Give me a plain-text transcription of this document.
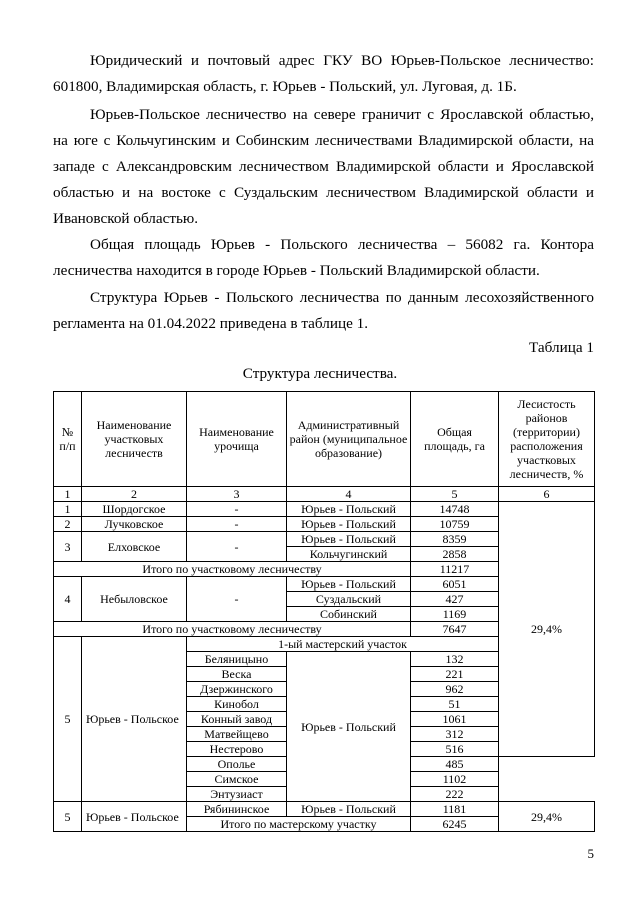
Юридический и почтовый адрес ГКУ ВО Юрьев-Польское лесничество: 601800, Владимирская область, г. Юрьев - Польский, ул. Луговая, д. 1Б.

Юрьев-Польское лесничество на севере граничит с Ярославской областью, на юге с Кольчугинским и Собинским лесничествами Владимирской области, на западе с Александровским лесничеством Владимирской области и Ярославской областью и на востоке с Суздальским лесничеством Владимирской области и Ивановской областью.

Общая площадь Юрьев - Польского лесничества – 56082 га. Контора лесничества находится в городе Юрьев - Польский Владимирской области.

Структура Юрьев - Польского лесничества по данным лесохозяйственного регламента на 01.04.2022 приведена в таблице 1.

Таблица 1
Структура лесничества.
№ п/п	Наименование участковых лесничеств	Наименование урочища	Административный район (муниципальное образование)	Общая площадь, га	Лесистость районов (территории) расположения участковых лесничеств, %
1	2	3	4	5	6
1	Шордогское	-	Юрьев - Польский	14748	29,4%
2	Лучковское	-	Юрьев - Польский	10759	
3	Елховское	-	Юрьев - Польский	8359	
			Кольчугинский	2858	
Итого по участковому лесничеству				11217	
4	Небыловское	-	Юрьев - Польский	6051	
			Суздальский	427	
			Собинский	1169	
Итого по участковому лесничеству				7647	
5	Юрьев - Польское	1-ый мастерский участок			
		Беляницыно	Юрьев - Польский	132	
		Веска		221	
		Дзержинского		962	
		Кинобол		51	
		Конный завод		1061	
		Матвейщево		312	
		Нестерово		516	
		Ополье		485	
		Симское		1102	
		Энтузиаст		222	
5	Юрьев - Польское	Рябининское	Юрьев - Польский	1181	29,4%
		Итого по мастерскому участку		6245	
5
